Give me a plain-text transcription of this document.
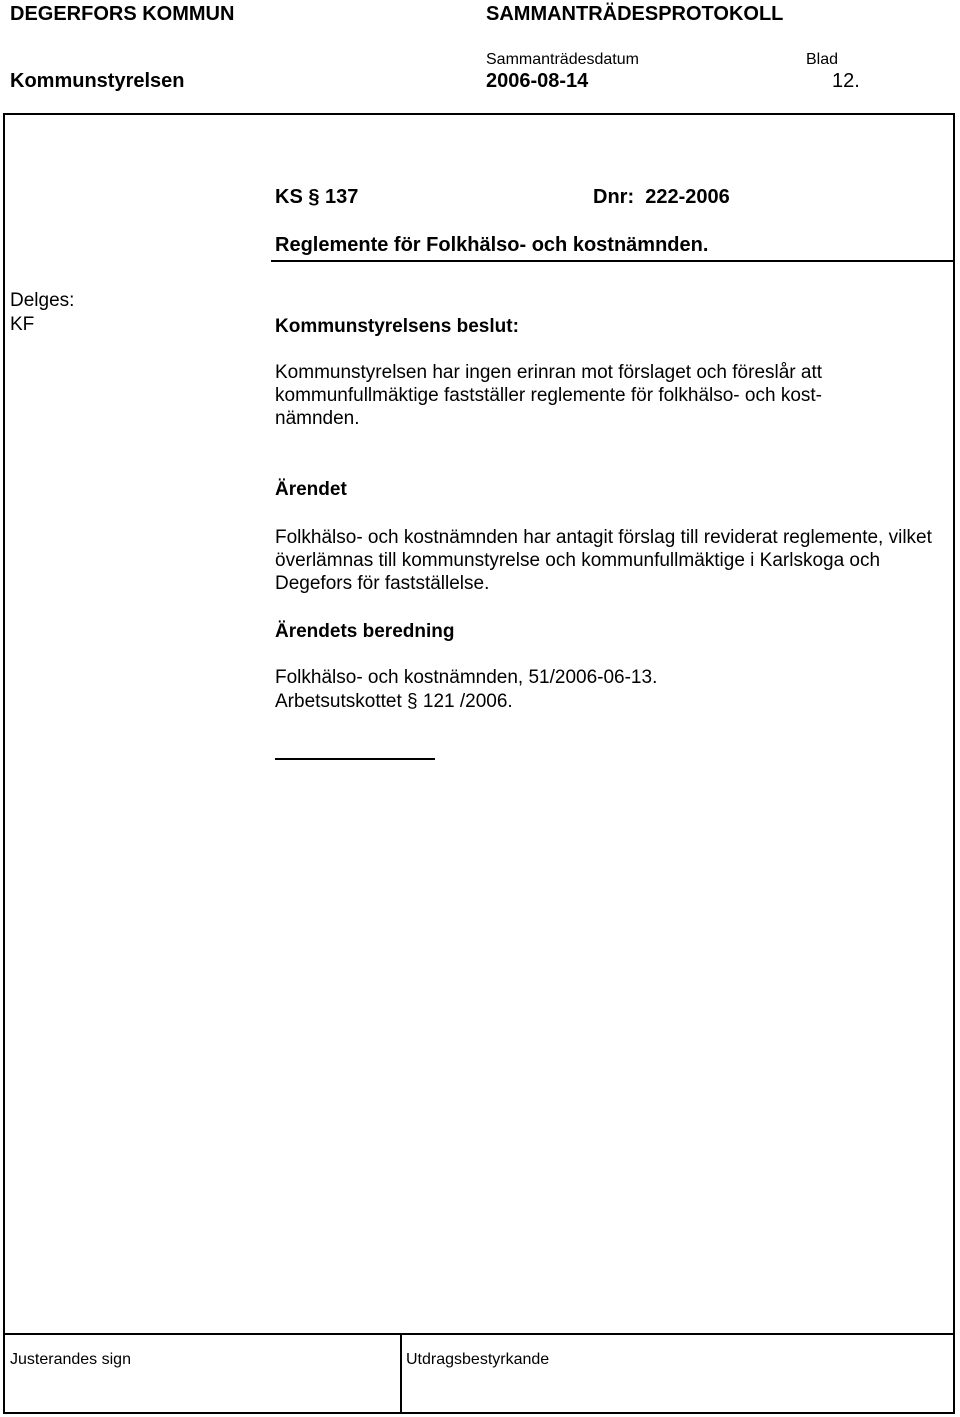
DEGERFORS KOMMUN	SAMMANTRÄDESPROTOKOLL
Sammanträdesdatum	Blad
Kommunstyrelsen	2006-08-14	12.
KS § 137	Dnr: 222-2006
Reglemente för Folkhälso- och kostnämnden.
Delges:
KF	Kommunstyrelsens beslut:
Kommunstyrelsen har ingen erinran mot förslaget och föreslår att kommunfullmäktige fastställer reglemente för folkhälso- och kost-nämnden.
Ärendet
Folkhälso- och kostnämnden har antagit förslag till reviderat reglemente, vilket överlämnas till kommunstyrelse och kommunfullmäktige i Karlskoga och Degefors för fastställelse.
Ärendets beredning
Folkhälso- och kostnämnden, 51/2006-06-13.
Arbetsutskottet § 121 /2006.
Justerandes sign	Utdragsbestyrkande
